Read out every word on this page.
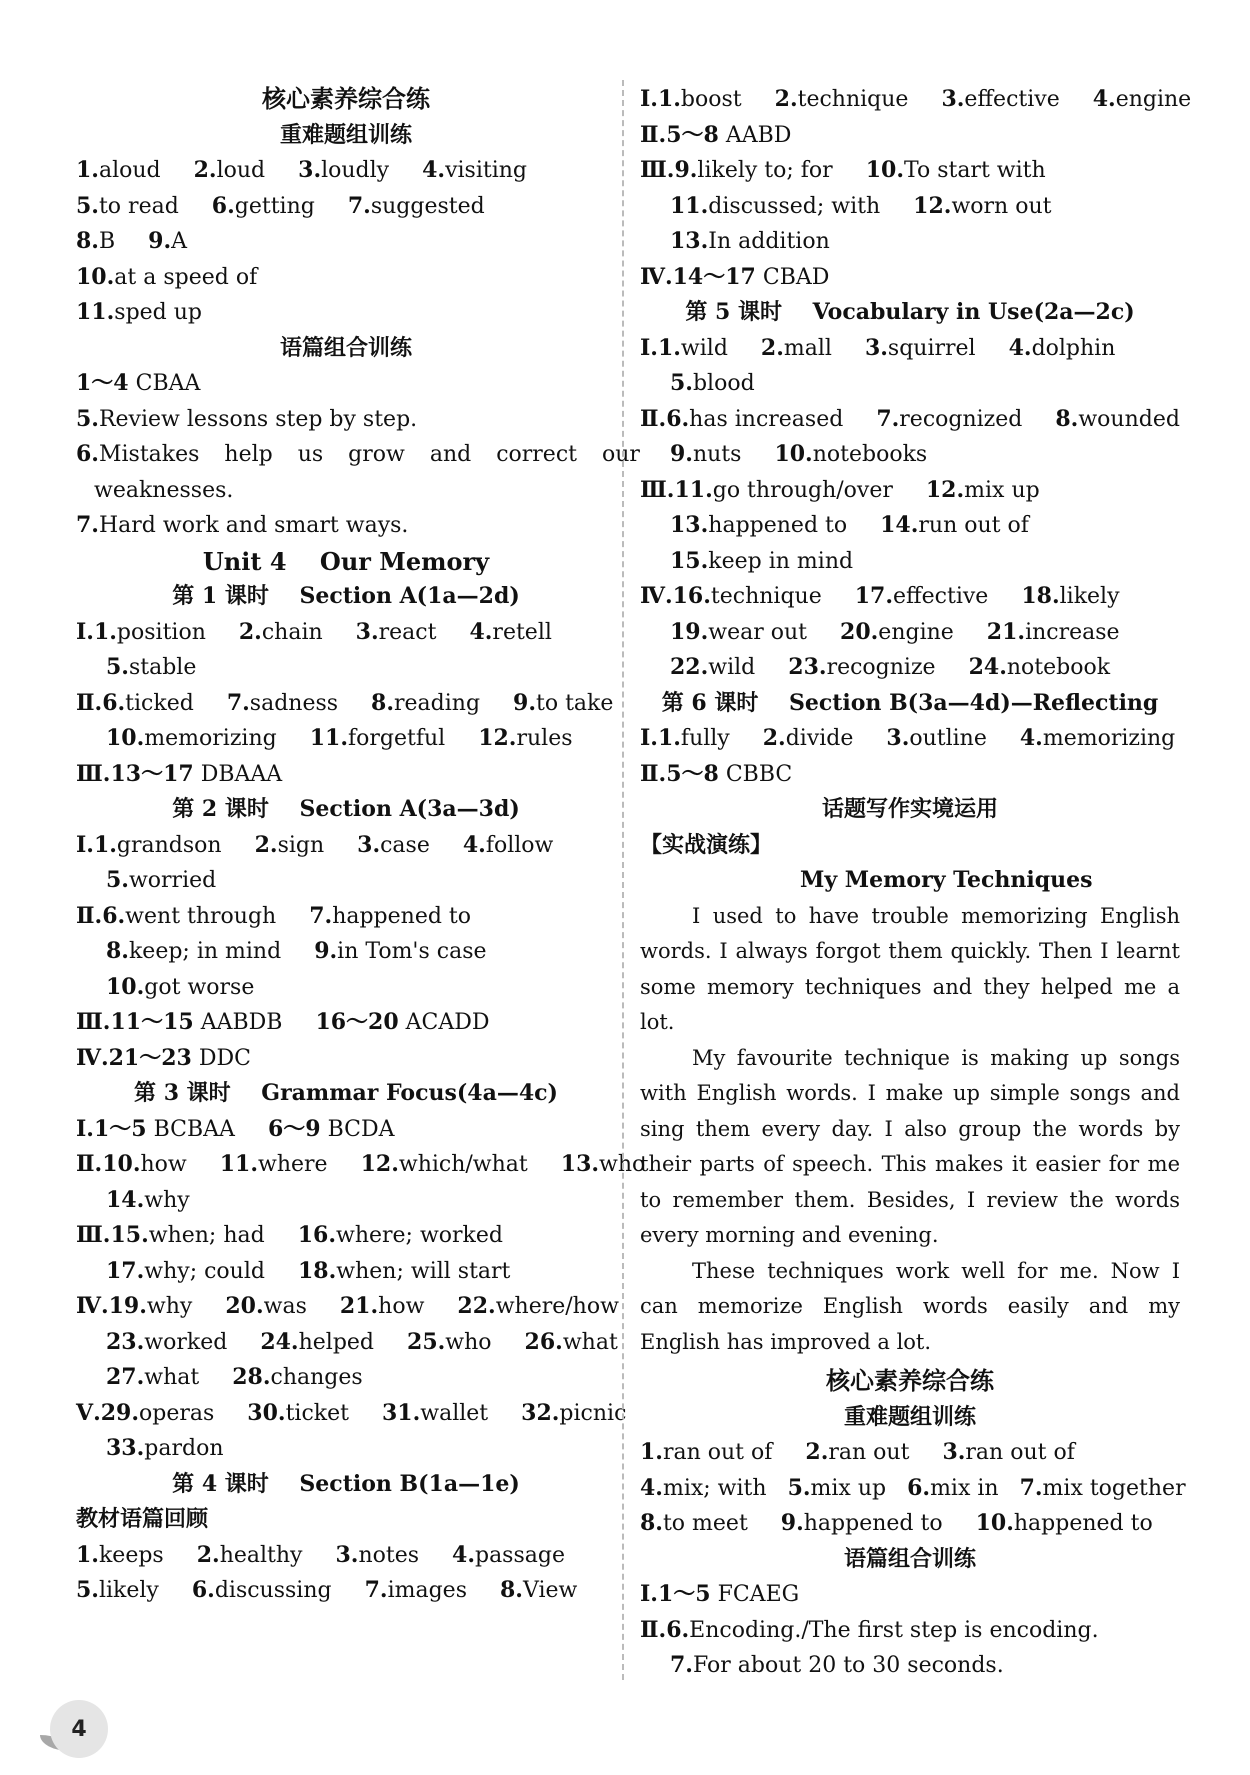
核心素养综合练
重难题组训练
1.aloud 2.loud 3.loudly 4.visiting
5.to read 6.getting 7.suggested
8.B 9.A
10.at a speed of
11.sped up
语篇组合训练
1～4 CBAA
5.Review lessons step by step.
6.Mistakes help us grow and correct our
weaknesses.
7.Hard work and smart ways.
Unit 4    Our Memory
第 1 课时    Section A(1a—2d)
Ⅰ.1.position 2.chain 3.react 4.retell
5.stable
Ⅱ.6.ticked 7.sadness 8.reading 9.to take
10.memorizing 11.forgetful 12.rules
Ⅲ.13～17 DBAAA
第 2 课时    Section A(3a—3d)
Ⅰ.1.grandson 2.sign 3.case 4.follow
5.worried
Ⅱ.6.went through 7.happened to
8.keep; in mind 9.in Tom's case
10.got worse
Ⅲ.11～15 AABDB 16～20 ACADD
Ⅳ.21～23 DDC
第 3 课时    Grammar Focus(4a—4c)
Ⅰ.1～5 BCBAA 6～9 BCDA
Ⅱ.10.how 11.where 12.which/what 13.who
14.why
Ⅲ.15.when; had 16.where; worked
17.why; could 18.when; will start
Ⅳ.19.why 20.was 21.how 22.where/how
23.worked 24.helped 25.who 26.what
27.what 28.changes
Ⅴ.29.operas 30.ticket 31.wallet 32.picnic
33.pardon
第 4 课时    Section B(1a—1e)
教材语篇回顾
1.keeps 2.healthy 3.notes 4.passage
5.likely 6.discussing 7.images 8.View
Ⅰ.1.boost 2.technique 3.effective 4.engine
Ⅱ.5～8 AABD
Ⅲ.9.likely to; for 10.To start with
11.discussed; with 12.worn out
13.In addition
Ⅳ.14～17 CBAD
第 5 课时    Vocabulary in Use(2a—2c)
Ⅰ.1.wild 2.mall 3.squirrel 4.dolphin
5.blood
Ⅱ.6.has increased 7.recognized 8.wounded
9.nuts 10.notebooks
Ⅲ.11.go through/over 12.mix up
13.happened to 14.run out of
15.keep in mind
Ⅳ.16.technique 17.effective 18.likely
19.wear out 20.engine 21.increase
22.wild 23.recognize 24.notebook
第 6 课时    Section B(3a—4d)—Reflecting
Ⅰ.1.fully 2.divide 3.outline 4.memorizing
Ⅱ.5～8 CBBC
话题写作实境运用
【实战演练】
My Memory Techniques

I used to have trouble memorizing English words. I always forgot them quickly. Then I learnt some memory techniques and they helped me a lot.

My favourite technique is making up songs with English words. I make up simple songs and sing them every day. I also group the words by their parts of speech. This makes it easier for me to remember them. Besides, I review the words every morning and evening.

These techniques work well for me. Now I can memorize English words easily and my English has improved a lot.

核心素养综合练
重难题组训练
1.ran out of 2.ran out 3.ran out of
4.mix; with 5.mix up 6.mix in 7.mix together
8.to meet 9.happened to 10.happened to
语篇组合训练
Ⅰ.1～5 FCAEG
Ⅱ.6.Encoding./The first step is encoding.
7.For about 20 to 30 seconds.
4
